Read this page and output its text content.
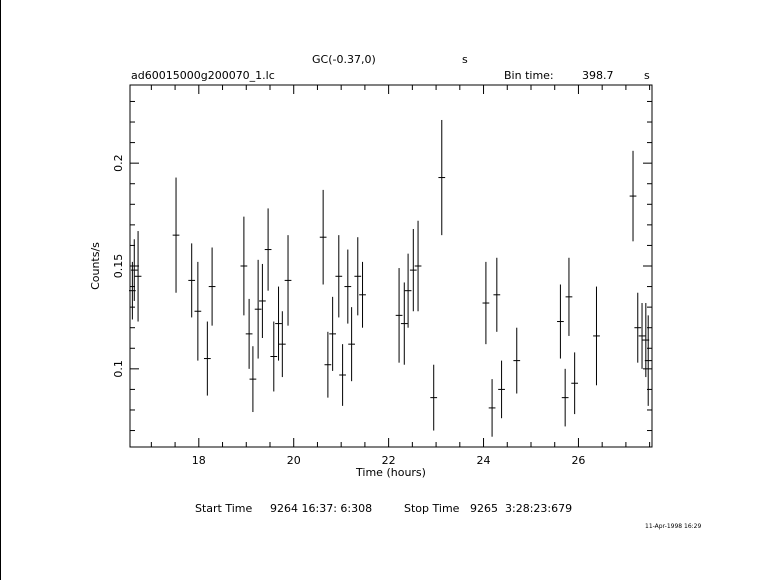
GC(-0.37,0)	s
ad60015000g200070_1.lc	Bin time:	398.7	s
18	20	22	24	26
0.1
0.15
0.2
Time (hours)
Counts/s
Start Time 9264 16:37: 6:308	Stop Time 9265  3:28:23:679
11-Apr-1998 16:29
